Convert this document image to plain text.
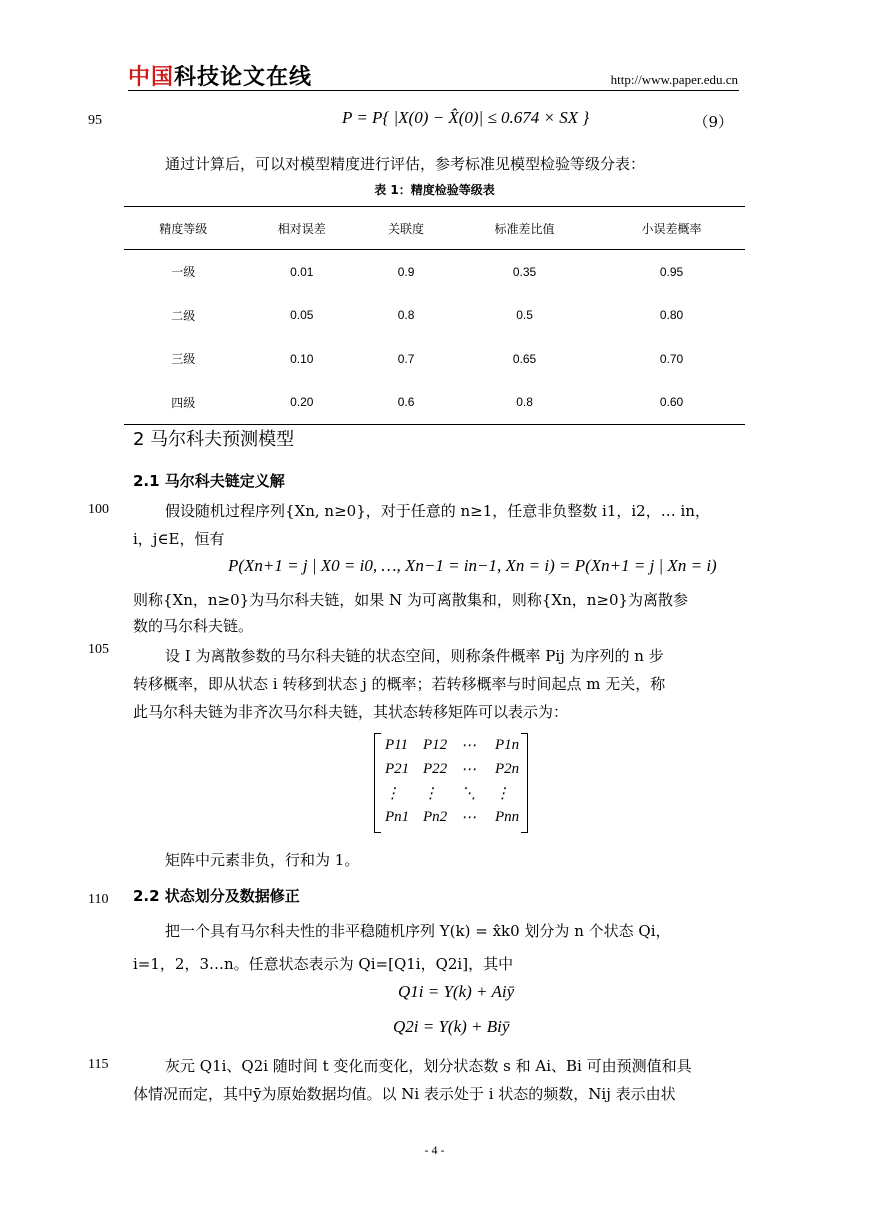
中国科技论文在线	http://www.paper.edu.cn
95
100
105
110
115
P = P{ |X(0) − X̂(0)| ≤ 0.674 × SX }	（9）
通过计算后，可以对模型精度进行评估，参考标准见模型检验等级分表：
表 1：精度检验等级表
精度等级	相对误差	关联度	标准差比值	小误差概率
一级	0.01	0.9	0.35	0.95
二级	0.05	0.8	0.5	0.80
三级	0.10	0.7	0.65	0.70
四级	0.20	0.6	0.8	0.60
2 马尔科夫预测模型
2.1 马尔科夫链定义解
假设随机过程序列{Xn, n≥0}，对于任意的 n≥1，任意非负整数 i1，i2，… in，
i，j∈E，恒有
P(Xn+1 = j | X0 = i0, …, Xn−1 = in−1, Xn = i) = P(Xn+1 = j | Xn = i)
则称{Xn，n≥0}为马尔科夫链，如果 N 为可离散集和，则称{Xn，n≥0}为离散参
数的马尔科夫链。
设 I 为离散参数的马尔科夫链的状态空间，则称条件概率 Pij 为序列的 n 步
转移概率，即从状态 i 转移到状态 j 的概率；若转移概率与时间起点 m 无关，称
此马尔科夫链为非齐次马尔科夫链，其状态转移矩阵可以表示为：
P11 P12 ⋯	P1n
P21 P22 ⋯	P2n
⋮	⋮	⋱	⋮
Pn1 Pn2 ⋯	Pnn
矩阵中元素非负，行和为 1。
2.2 状态划分及数据修正
把一个具有马尔科夫性的非平稳随机序列 Y(k) = x̂k0 划分为 n 个状态 Qi，
i=1，2，3…n。任意状态表示为 Qi=[Q1i，Q2i]，其中
Q1i = Y(k) + Aiȳ
Q2i = Y(k) + Biȳ
灰元 Q1i、Q2i 随时间 t 变化而变化，划分状态数 s 和 Ai、Bi 可由预测值和具
体情况而定，其中ȳ为原始数据均值。以 Ni 表示处于 i 状态的频数，Nij 表示由状
- 4 -
